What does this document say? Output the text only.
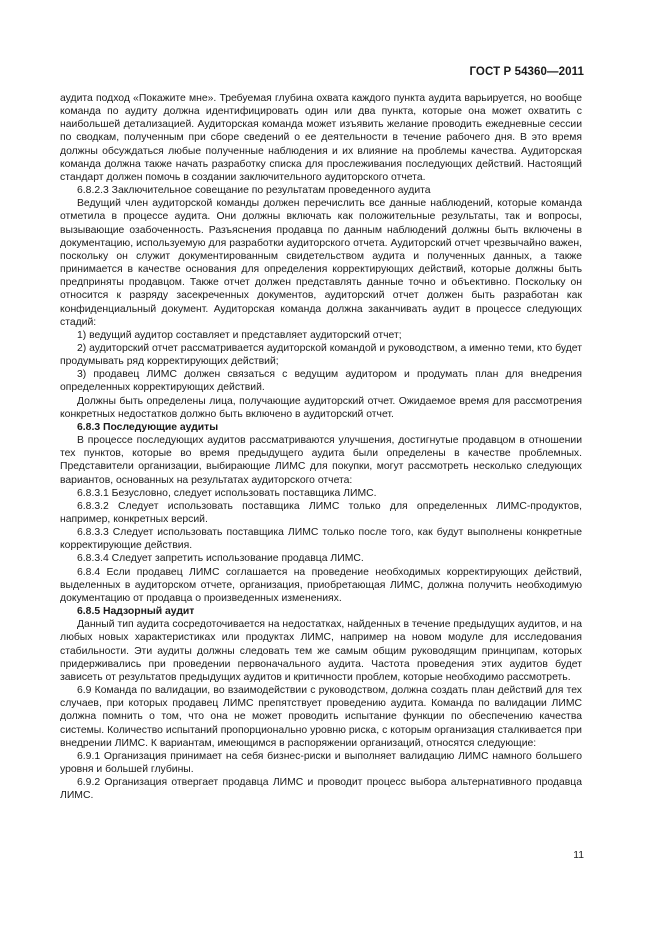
ГОСТ Р 54360—2011

аудита подход «Покажите мне». Требуемая глубина охвата каждого пункта аудита варьируется, но вообще команда по аудиту должна идентифицировать один или два пункта, которые она может охватить с наибольшей детализацией. Аудиторская команда может изъявить желание проводить ежедневные сессии по сводкам, полученным при сборе сведений о ее деятельности в течение рабочего дня. В это время должны обсуждаться любые полученные наблюдения и их влияние на проблемы качества. Аудиторская команда должна также начать разработку списка для прослеживания последующих действий. Настоящий стандарт должен помочь в создании заключительного аудиторского отчета.

6.8.2.3 Заключительное совещание по результатам проведенного аудита

Ведущий член аудиторской команды должен перечислить все данные наблюдений, которые команда отметила в процессе аудита. Они должны включать как положительные результаты, так и вопросы, вызывающие озабоченность. Разъяснения продавца по данным наблюдений должны быть включены в документацию, используемую для разработки аудиторского отчета. Аудиторский отчет чрезвычайно важен, поскольку он служит документированным свидетельством аудита и полученных данных, а также принимается в качестве основания для определения корректирующих действий, которые должны быть предприняты продавцом. Также отчет должен представлять данные точно и объективно. Поскольку он относится к разряду засекреченных документов, аудиторский отчет должен быть разработан как конфиденциальный документ. Аудиторская команда должна заканчивать аудит в процессе следующих стадий:

1) ведущий аудитор составляет и представляет аудиторский отчет;

2) аудиторский отчет рассматривается аудиторской командой и руководством, а именно теми, кто будет продумывать ряд корректирующих действий;

3) продавец ЛИМС должен связаться с ведущим аудитором и продумать план для внедрения определенных корректирующих действий.

Должны быть определены лица, получающие аудиторский отчет. Ожидаемое время для рассмотрения конкретных недостатков должно быть включено в аудиторский отчет.

6.8.3 Последующие аудиты

В процессе последующих аудитов рассматриваются улучшения, достигнутые продавцом в отношении тех пунктов, которые во время предыдущего аудита были определены в качестве проблемных. Представители организации, выбирающие ЛИМС для покупки, могут рассмотреть несколько следующих вариантов, основанных на результатах аудиторского отчета:

6.8.3.1 Безусловно, следует использовать поставщика ЛИМС.

6.8.3.2 Следует использовать поставщика ЛИМС только для определенных ЛИМС-продуктов, например, конкретных версий.

6.8.3.3 Следует использовать поставщика ЛИМС только после того, как будут выполнены конкретные корректирующие действия.

6.8.3.4 Следует запретить использование продавца ЛИМС.

6.8.4 Если продавец ЛИМС соглашается на проведение необходимых корректирующих действий, выделенных в аудиторском отчете, организация, приобретающая ЛИМС, должна получить необходимую документацию от продавца о произведенных изменениях.

6.8.5 Надзорный аудит

Данный тип аудита сосредоточивается на недостатках, найденных в течение предыдущих аудитов, и на любых новых характеристиках или продуктах ЛИМС, например на новом модуле для исследования стабильности. Эти аудиты должны следовать тем же самым общим руководящим принципам, которых придерживались при проведении первоначального аудита. Частота проведения этих аудитов будет зависеть от результатов предыдущих аудитов и критичности проблем, которые необходимо рассмотреть.

6.9 Команда по валидации, во взаимодействии с руководством, должна создать план действий для тех случаев, при которых продавец ЛИМС препятствует проведению аудита. Команда по валидации ЛИМС должна помнить о том, что она не может проводить испытание функции по обеспечению качества системы. Количество испытаний пропорционально уровню риска, с которым организация сталкивается при внедрении ЛИМС. К вариантам, имеющимся в распоряжении организаций, относятся следующие:

6.9.1 Организация принимает на себя бизнес-риски и выполняет валидацию ЛИМС намного большего уровня и большей глубины.

6.9.2 Организация отвергает продавца ЛИМС и проводит процесс выбора альтернативного продавца ЛИМС.

11
